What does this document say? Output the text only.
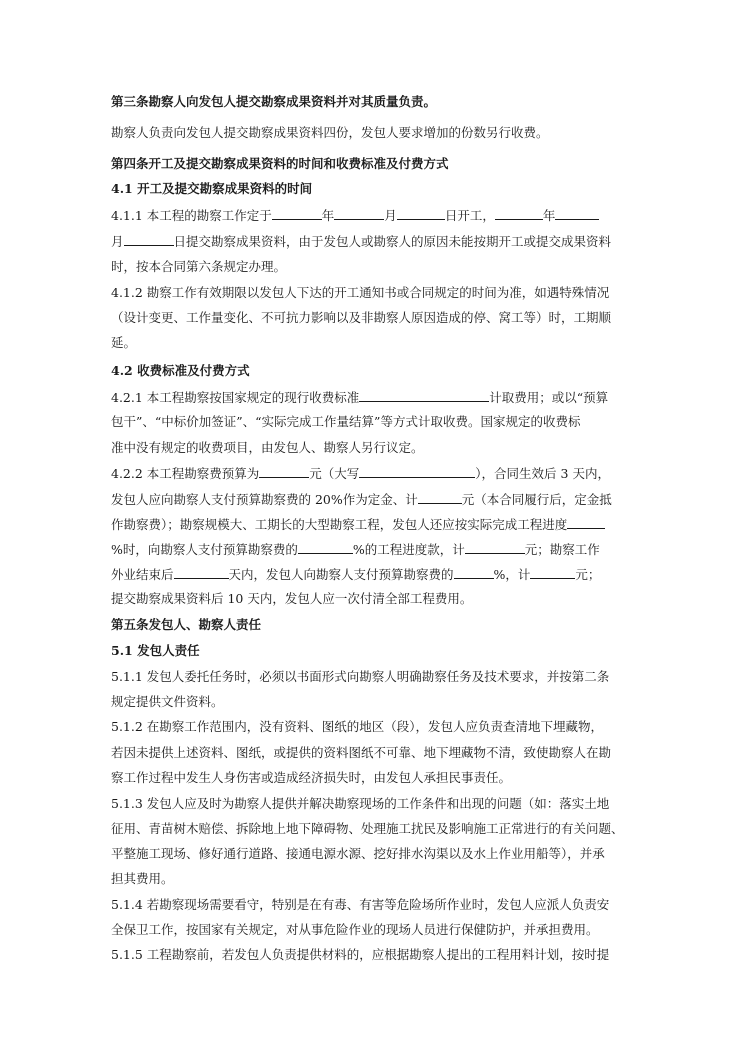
第三条勘察人向发包人提交勘察成果资料并对其质量负责。
勘察人负责向发包人提交勘察成果资料四份，发包人要求增加的份数另行收费。
第四条开工及提交勘察成果资料的时间和收费标准及付费方式
4.1 开工及提交勘察成果资料的时间
4.1.1 本工程的勘察工作定于	年	月	日开工，	年
月	日提交勘察成果资料，由于发包人或勘察人的原因未能按期开工或提交成果资料
时，按本合同第六条规定办理。
4.1.2 勘察工作有效期限以发包人下达的开工通知书或合同规定的时间为准，如遇特殊情况
（设计变更、工作量变化、不可抗力影响以及非勘察人原因造成的停、窝工等）时，工期顺
延。
4.2 收费标准及付费方式
4.2.1 本工程勘察按国家规定的现行收费标准	计取费用；或以“预算
包干”、“中标价加签证”、“实际完成工作量结算”等方式计取收费。国家规定的收费标
准中没有规定的收费项目，由发包人、勘察人另行议定。
4.2.2 本工程勘察费预算为	元（大写	），合同生效后 3 天内，
发包人应向勘察人支付预算勘察费的 20%作为定金、计	元（本合同履行后，定金抵
作勘察费）；勘察规模大、工期长的大型勘察工程，发包人还应按实际完成工程进度
%时，向勘察人支付预算勘察费的	%的工程进度款，计	元；勘察工作
外业结束后	天内，发包人向勘察人支付预算勘察费的	%，计	元；
提交勘察成果资料后 10 天内，发包人应一次付清全部工程费用。
第五条发包人、勘察人责任
5.1 发包人责任
5.1.1 发包人委托任务时，必须以书面形式向勘察人明确勘察任务及技术要求，并按第二条
规定提供文件资料。
5.1.2 在勘察工作范围内，没有资料、图纸的地区（段），发包人应负责查清地下埋藏物，
若因未提供上述资料、图纸，或提供的资料图纸不可靠、地下埋藏物不清，致使勘察人在勘
察工作过程中发生人身伤害或造成经济损失时，由发包人承担民事责任。
5.1.3 发包人应及时为勘察人提供并解决勘察现场的工作条件和出现的问题（如：落实土地
征用、青苗树木赔偿、拆除地上地下障碍物、处理施工扰民及影响施工正常进行的有关问题、
平整施工现场、修好通行道路、接通电源水源、挖好排水沟渠以及水上作业用船等），并承
担其费用。
5.1.4 若勘察现场需要看守，特别是在有毒、有害等危险场所作业时，发包人应派人负责安
全保卫工作，按国家有关规定，对从事危险作业的现场人员进行保健防护，并承担费用。
5.1.5 工程勘察前，若发包人负责提供材料的，应根据勘察人提出的工程用料计划，按时提
